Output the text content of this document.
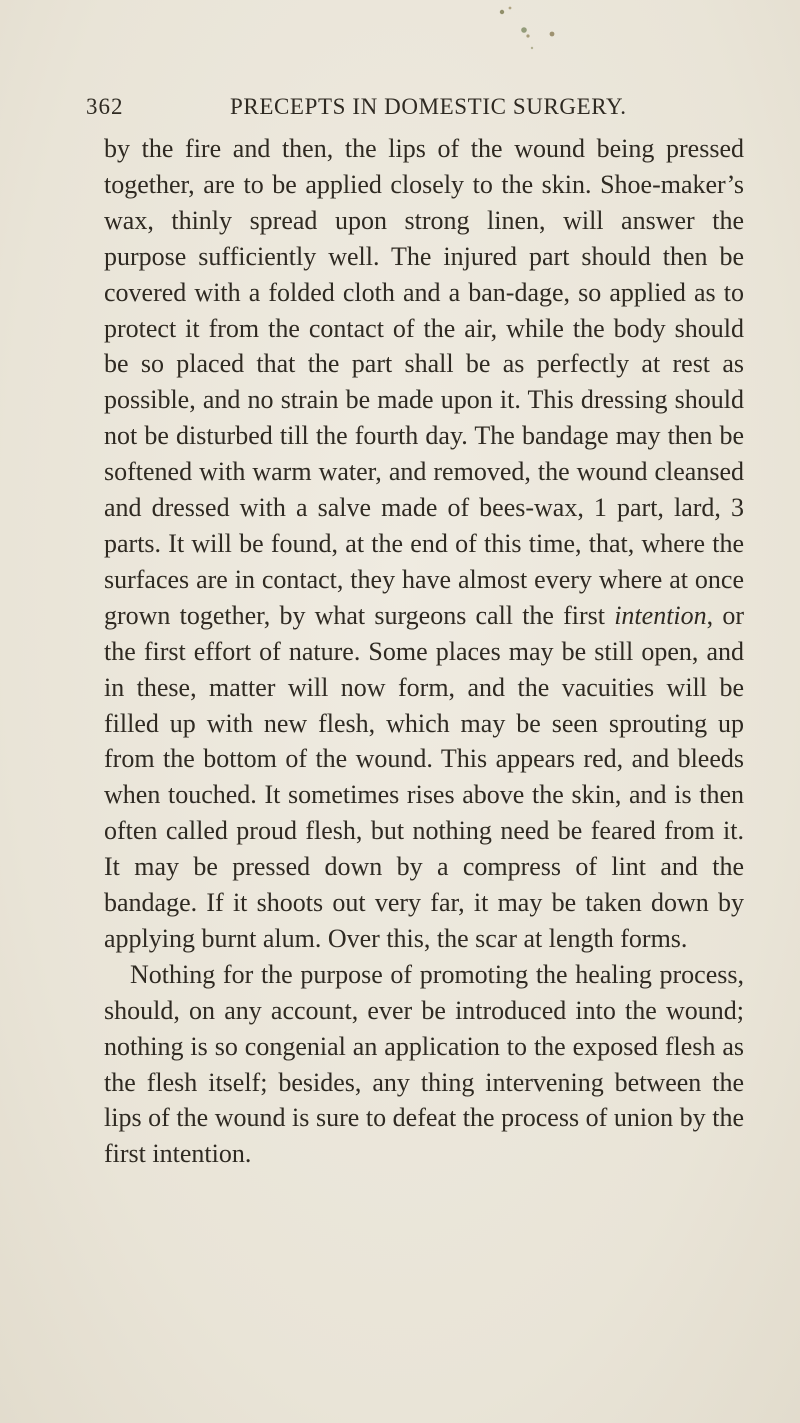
362	PRECEPTS IN DOMESTIC SURGERY.

by the fire and then, the lips of the wound being pressed together, are to be applied closely to the skin. Shoe-maker’s wax, thinly spread upon strong linen, will answer the purpose sufficiently well. The injured part should then be covered with a folded cloth and a ban-dage, so applied as to protect it from the contact of the air, while the body should be so placed that the part shall be as perfectly at rest as possible, and no strain be made upon it. This dressing should not be disturbed till the fourth day. The bandage may then be softened with warm water, and removed, the wound cleansed and dressed with a salve made of bees-wax, 1 part, lard, 3 parts. It will be found, at the end of this time, that, where the surfaces are in contact, they have almost every where at once grown together, by what surgeons call the first intention, or the first effort of nature. Some places may be still open, and in these, matter will now form, and the vacuities will be filled up with new flesh, which may be seen sprouting up from the bottom of the wound. This appears red, and bleeds when touched. It sometimes rises above the skin, and is then often called proud flesh, but nothing need be feared from it. It may be pressed down by a compress of lint and the bandage. If it shoots out very far, it may be taken down by applying burnt alum. Over this, the scar at length forms.

Nothing for the purpose of promoting the healing process, should, on any account, ever be introduced into the wound; nothing is so congenial an application to the exposed flesh as the flesh itself; besides, any thing intervening between the lips of the wound is sure to defeat the process of union by the first intention.
